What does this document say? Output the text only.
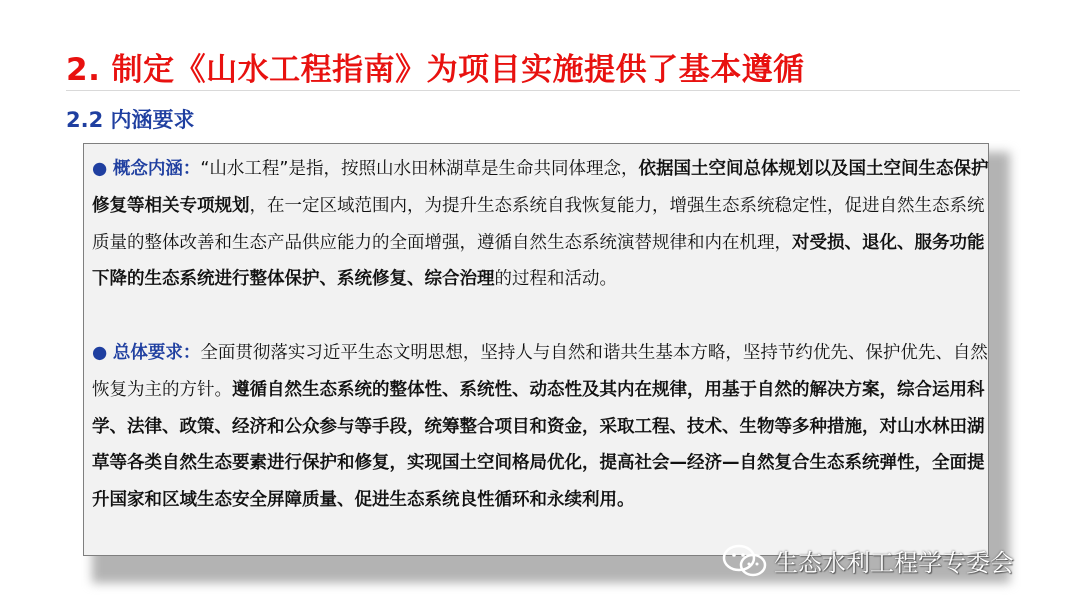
2. 制定《山水工程指南》为项目实施提供了基本遵循
2.2 内涵要求
● 概念内涵：“山水工程”是指，按照山水田林湖草是生命共同体理念，依据国土空间总体规划以及国土空间生态保护修复等相关专项规划，在一定区域范围内，为提升生态系统自我恢复能力，增强生态系统稳定性，促进自然生态系统质量的整体改善和生态产品供应能力的全面增强，遵循自然生态系统演替规律和内在机理，对受损、退化、服务功能下降的生态系统进行整体保护、系统修复、综合治理的过程和活动。
● 总体要求：全面贯彻落实习近平生态文明思想，坚持人与自然和谐共生基本方略，坚持节约优先、保护优先、自然恢复为主的方针。遵循自然生态系统的整体性、系统性、动态性及其内在规律，用基于自然的解决方案，综合运用科学、法律、政策、经济和公众参与等手段，统筹整合项目和资金，采取工程、技术、生物等多种措施，对山水林田湖草等各类自然生态要素进行保护和修复，实现国土空间格局优化，提高社会—经济—自然复合生态系统弹性，全面提升国家和区域生态安全屏障质量、促进生态系统良性循环和永续利用。
生态水利工程学专委会
